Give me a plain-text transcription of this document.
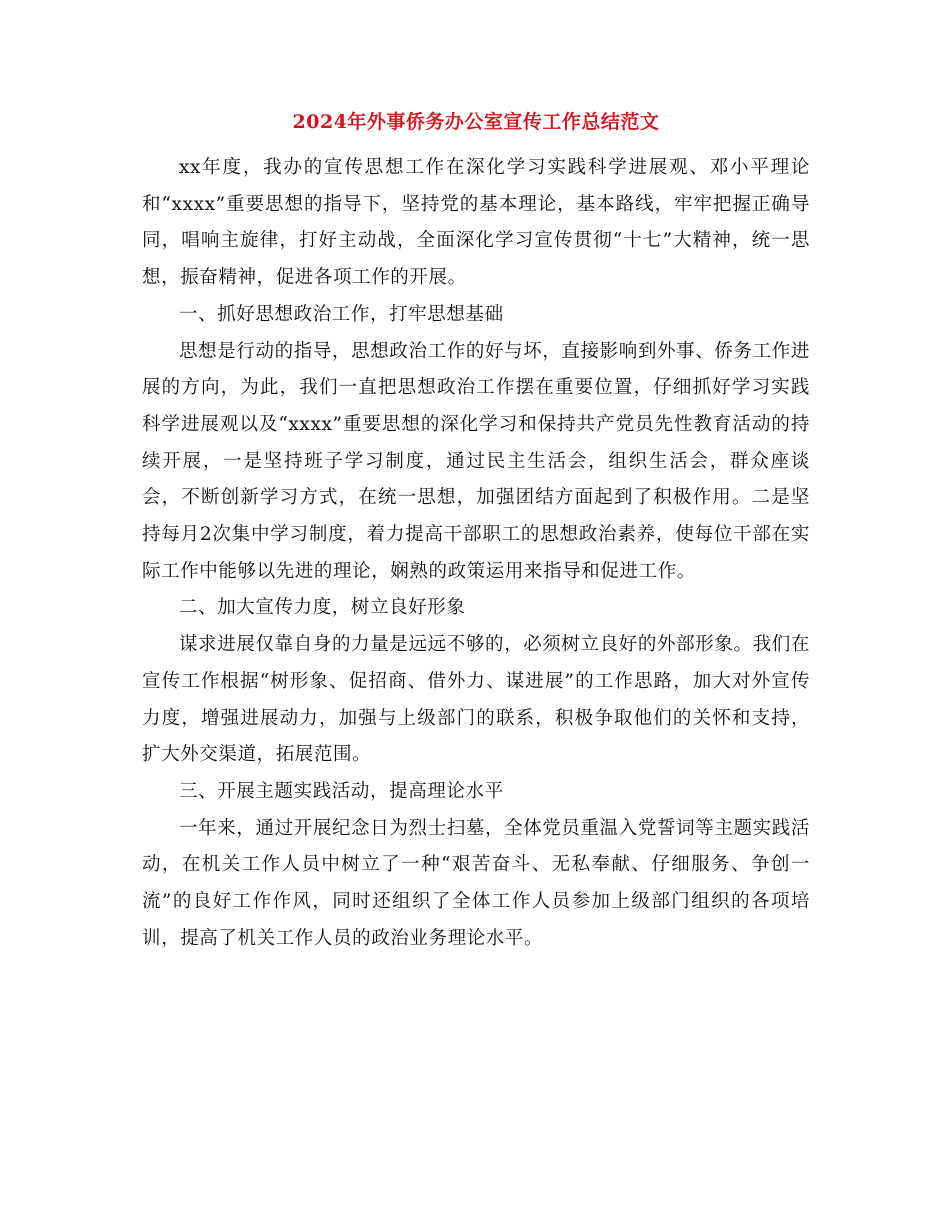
2024年外事侨务办公室宣传工作总结范文

xx年度，我办的宣传思想工作在深化学习实践科学进展观、邓小平理论和“xxxx”重要思想的指导下，坚持党的基本理论，基本路线，牢牢把握正确导同，唱响主旋律，打好主动战，全面深化学习宣传贯彻“十七”大精神，统一思想，振奋精神，促进各项工作的开展。

一、抓好思想政治工作，打牢思想基础

思想是行动的指导，思想政治工作的好与坏，直接影响到外事、侨务工作进展的方向，为此，我们一直把思想政治工作摆在重要位置，仔细抓好学习实践科学进展观以及“xxxx”重要思想的深化学习和保持共产党员先性教育活动的持续开展，一是坚持班子学习制度，通过民主生活会，组织生活会，群众座谈会，不断创新学习方式，在统一思想，加强团结方面起到了积极作用。二是坚持每月2次集中学习制度，着力提高干部职工的思想政治素养，使每位干部在实际工作中能够以先进的理论，娴熟的政策运用来指导和促进工作。

二、加大宣传力度，树立良好形象

谋求进展仅靠自身的力量是远远不够的，必须树立良好的外部形象。我们在宣传工作根据“树形象、促招商、借外力、谋进展”的工作思路，加大对外宣传力度，增强进展动力，加强与上级部门的联系，积极争取他们的关怀和支持，扩大外交渠道，拓展范围。

三、开展主题实践活动，提高理论水平

一年来，通过开展纪念日为烈士扫墓，全体党员重温入党誓词等主题实践活动，在机关工作人员中树立了一种“艰苦奋斗、无私奉献、仔细服务、争创一流”的良好工作作风，同时还组织了全体工作人员参加上级部门组织的各项培训，提高了机关工作人员的政治业务理论水平。
